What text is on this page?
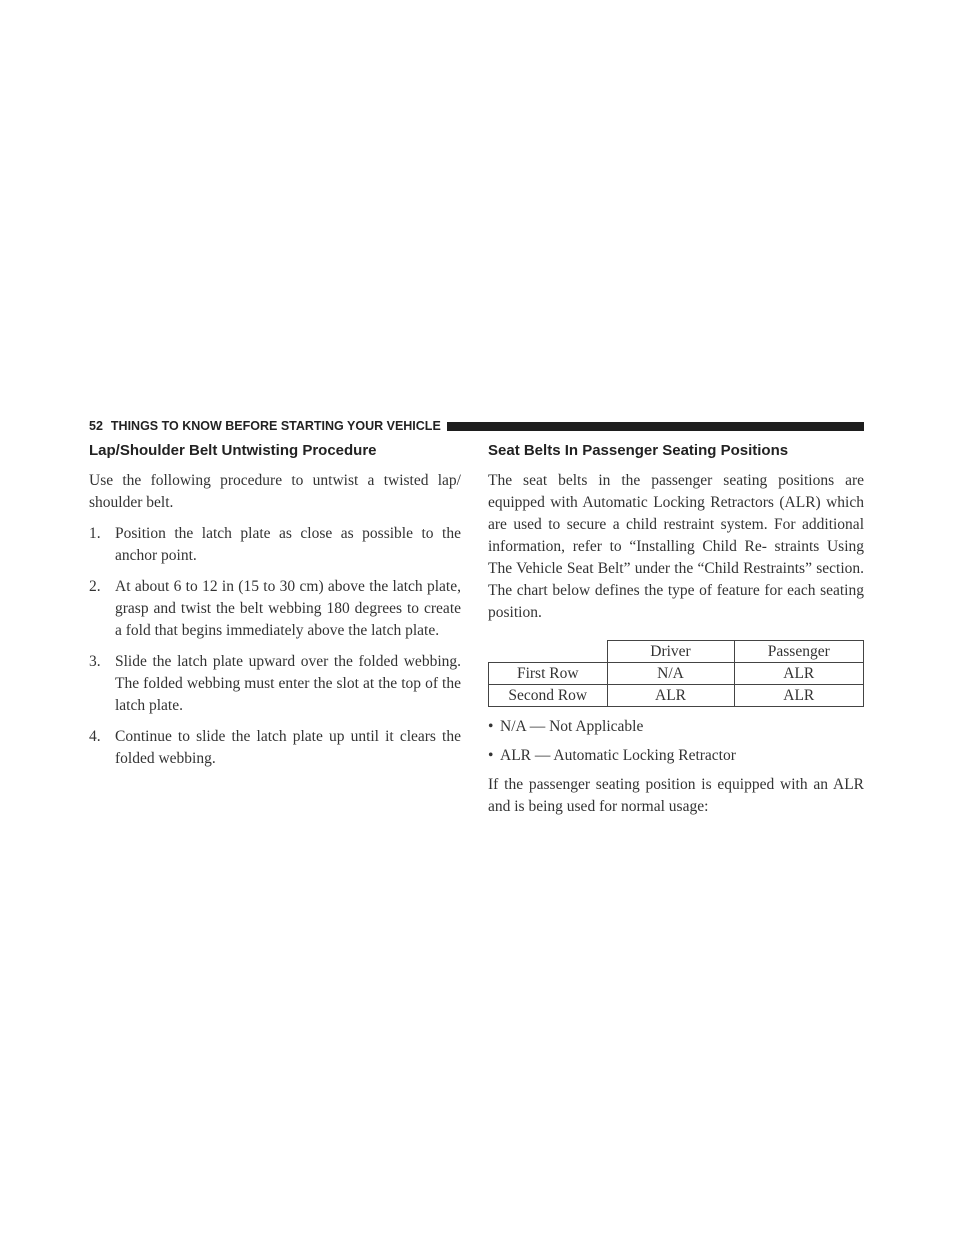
52 THINGS TO KNOW BEFORE STARTING YOUR VEHICLE
Lap/Shoulder Belt Untwisting Procedure

Use the following procedure to untwist a twisted lap/ shoulder belt.

1. Position the latch plate as close as possible to the anchor point.
2. At about 6 to 12 in (15 to 30 cm) above the latch plate, grasp and twist the belt webbing 180 degrees to create a fold that begins immediately above the latch plate.
3. Slide the latch plate upward over the folded webbing. The folded webbing must enter the slot at the top of the latch plate.
4. Continue to slide the latch plate up until it clears the folded webbing.
Seat Belts In Passenger Seating Positions

The seat belts in the passenger seating positions are equipped with Automatic Locking Retractors (ALR) which are used to secure a child restraint system. For additional information, refer to “Installing Child Re- straints Using The Vehicle Seat Belt” under the “Child Restraints” section. The chart below defines the type of feature for each seating position.

	Driver	Passenger
First Row	N/A	ALR
Second Row	ALR	ALR
• N/A — Not Applicable
• ALR — Automatic Locking Retractor

If the passenger seating position is equipped with an ALR and is being used for normal usage:
